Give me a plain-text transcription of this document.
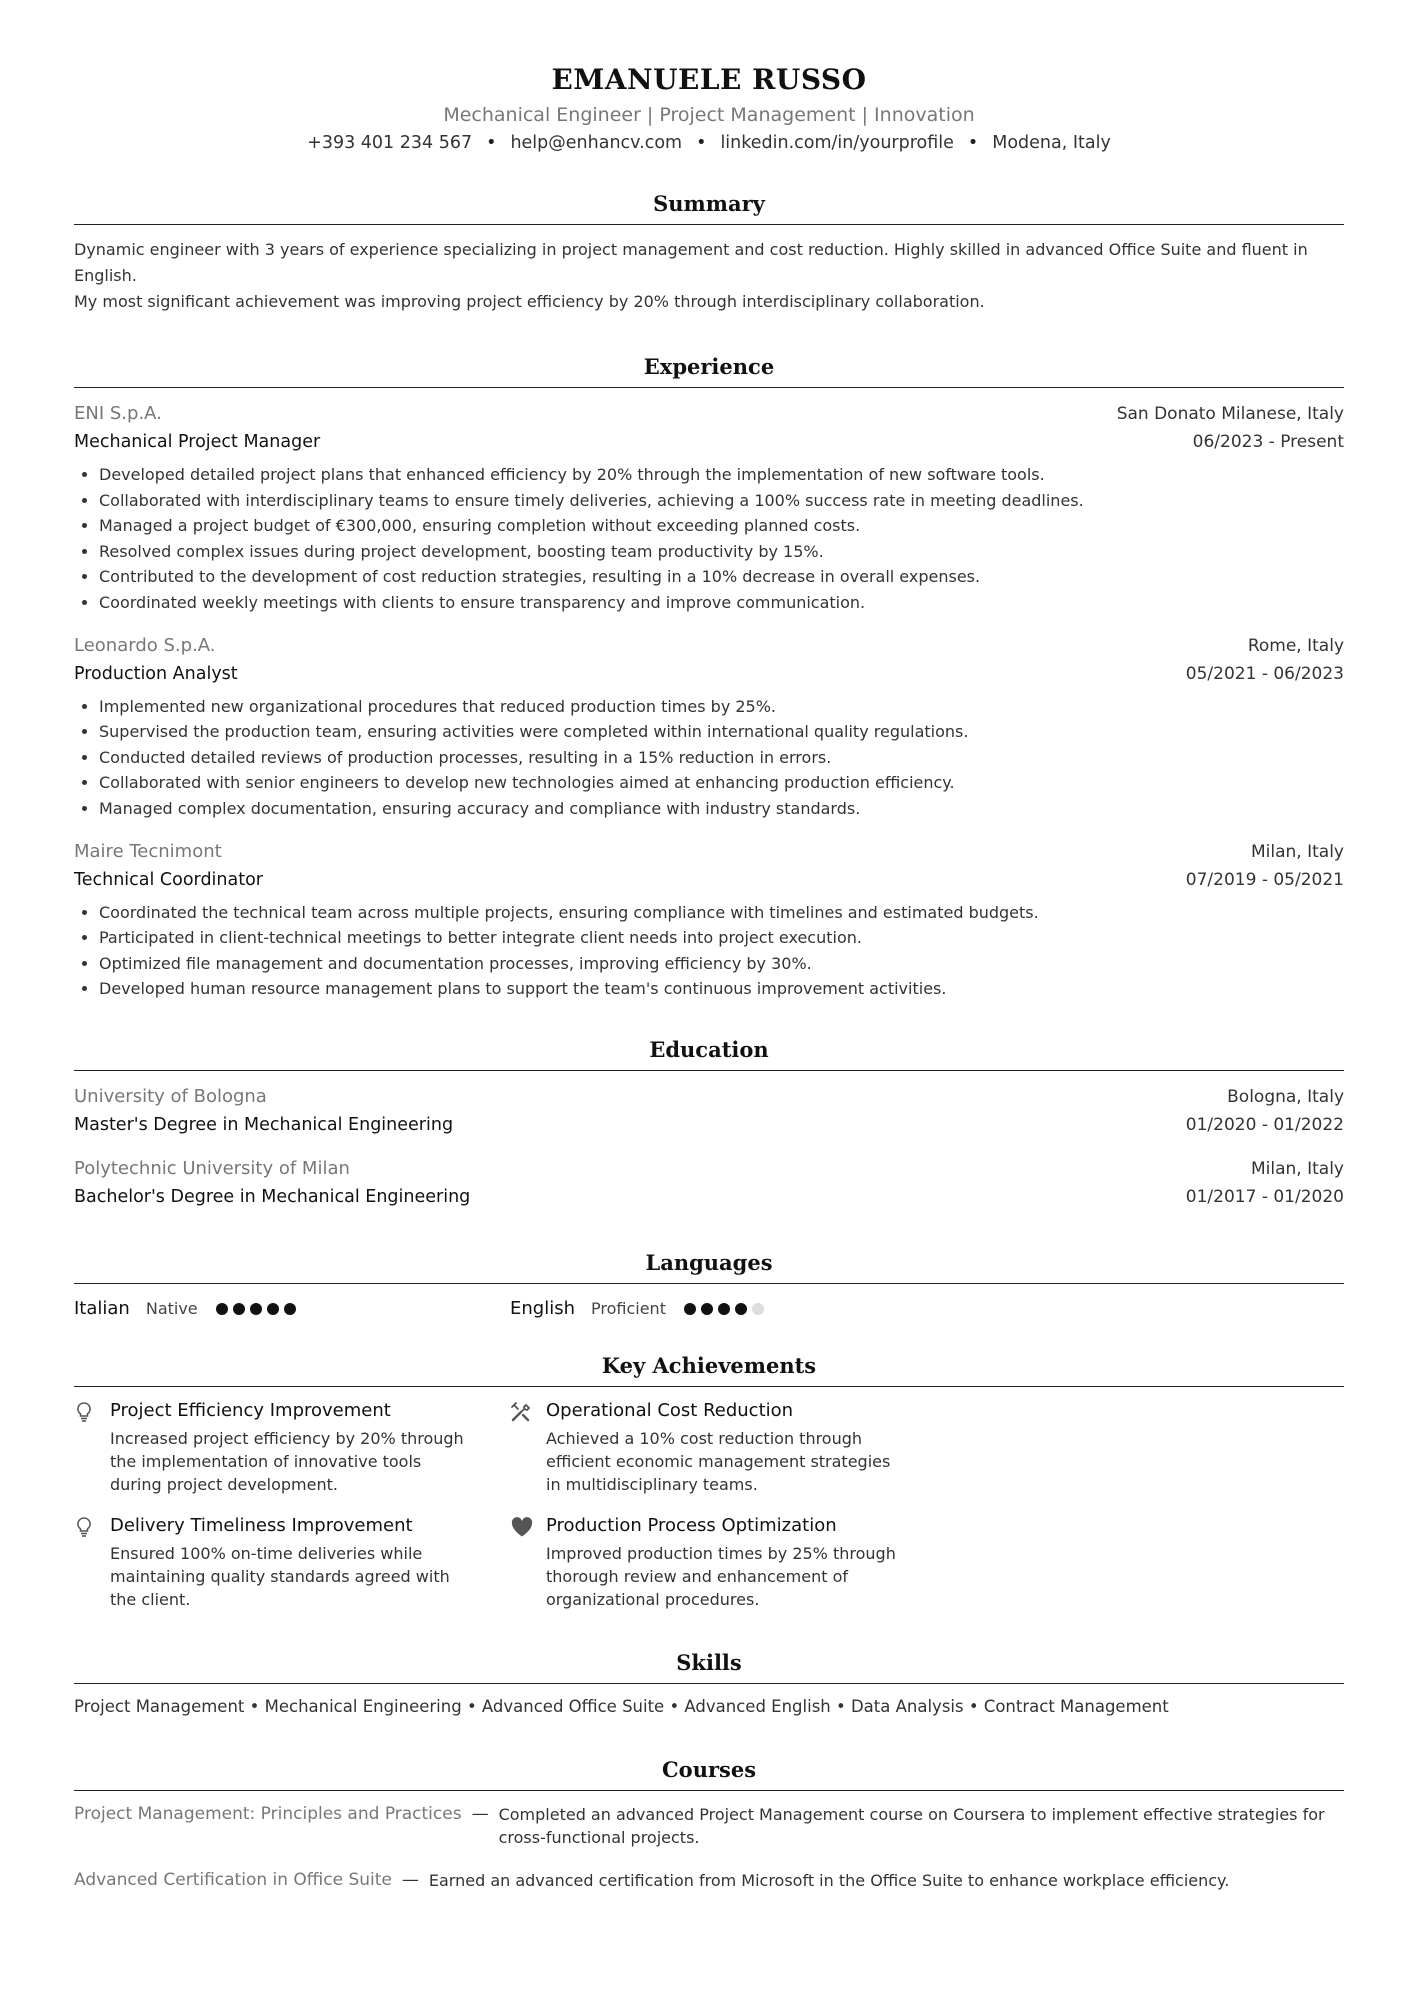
EMANUELE RUSSO
Mechanical Engineer | Project Management | Innovation
+393 401 234 567 • help@enhancv.com • linkedin.com/in/yourprofile • Modena, Italy
Summary
Dynamic engineer with 3 years of experience specializing in project management and cost reduction. Highly skilled in advanced Office Suite and fluent in English.
My most significant achievement was improving project efficiency by 20% through interdisciplinary collaboration.
Experience
ENI S.p.A.	San Donato Milanese, Italy
Mechanical Project Manager	06/2023 - Present
• Developed detailed project plans that enhanced efficiency by 20% through the implementation of new software tools.
• Collaborated with interdisciplinary teams to ensure timely deliveries, achieving a 100% success rate in meeting deadlines.
• Managed a project budget of €300,000, ensuring completion without exceeding planned costs.
• Resolved complex issues during project development, boosting team productivity by 15%.
• Contributed to the development of cost reduction strategies, resulting in a 10% decrease in overall expenses.
• Coordinated weekly meetings with clients to ensure transparency and improve communication.
Leonardo S.p.A.	Rome, Italy
Production Analyst	05/2021 - 06/2023
• Implemented new organizational procedures that reduced production times by 25%.
• Supervised the production team, ensuring activities were completed within international quality regulations.
• Conducted detailed reviews of production processes, resulting in a 15% reduction in errors.
• Collaborated with senior engineers to develop new technologies aimed at enhancing production efficiency.
• Managed complex documentation, ensuring accuracy and compliance with industry standards.
Maire Tecnimont	Milan, Italy
Technical Coordinator	07/2019 - 05/2021
• Coordinated the technical team across multiple projects, ensuring compliance with timelines and estimated budgets.
• Participated in client-technical meetings to better integrate client needs into project execution.
• Optimized file management and documentation processes, improving efficiency by 30%.
• Developed human resource management plans to support the team's continuous improvement activities.
Education
University of Bologna	Bologna, Italy
Master's Degree in Mechanical Engineering	01/2020 - 01/2022
Polytechnic University of Milan	Milan, Italy
Bachelor's Degree in Mechanical Engineering	01/2017 - 01/2020
Languages
Italian Native	English Proficient
Key Achievements
Project Efficiency Improvement
Increased project efficiency by 20% through the implementation of innovative tools during project development.
Operational Cost Reduction
Achieved a 10% cost reduction through efficient economic management strategies in multidisciplinary teams.
Delivery Timeliness Improvement
Ensured 100% on-time deliveries while maintaining quality standards agreed with the client.
Production Process Optimization
Improved production times by 25% through thorough review and enhancement of organizational procedures.
Skills
Project Management • Mechanical Engineering • Advanced Office Suite • Advanced English • Data Analysis • Contract Management
Courses
Project Management: Principles and Practices — Completed an advanced Project Management course on Coursera to implement effective strategies for cross-functional projects.
Advanced Certification in Office Suite — Earned an advanced certification from Microsoft in the Office Suite to enhance workplace efficiency.
